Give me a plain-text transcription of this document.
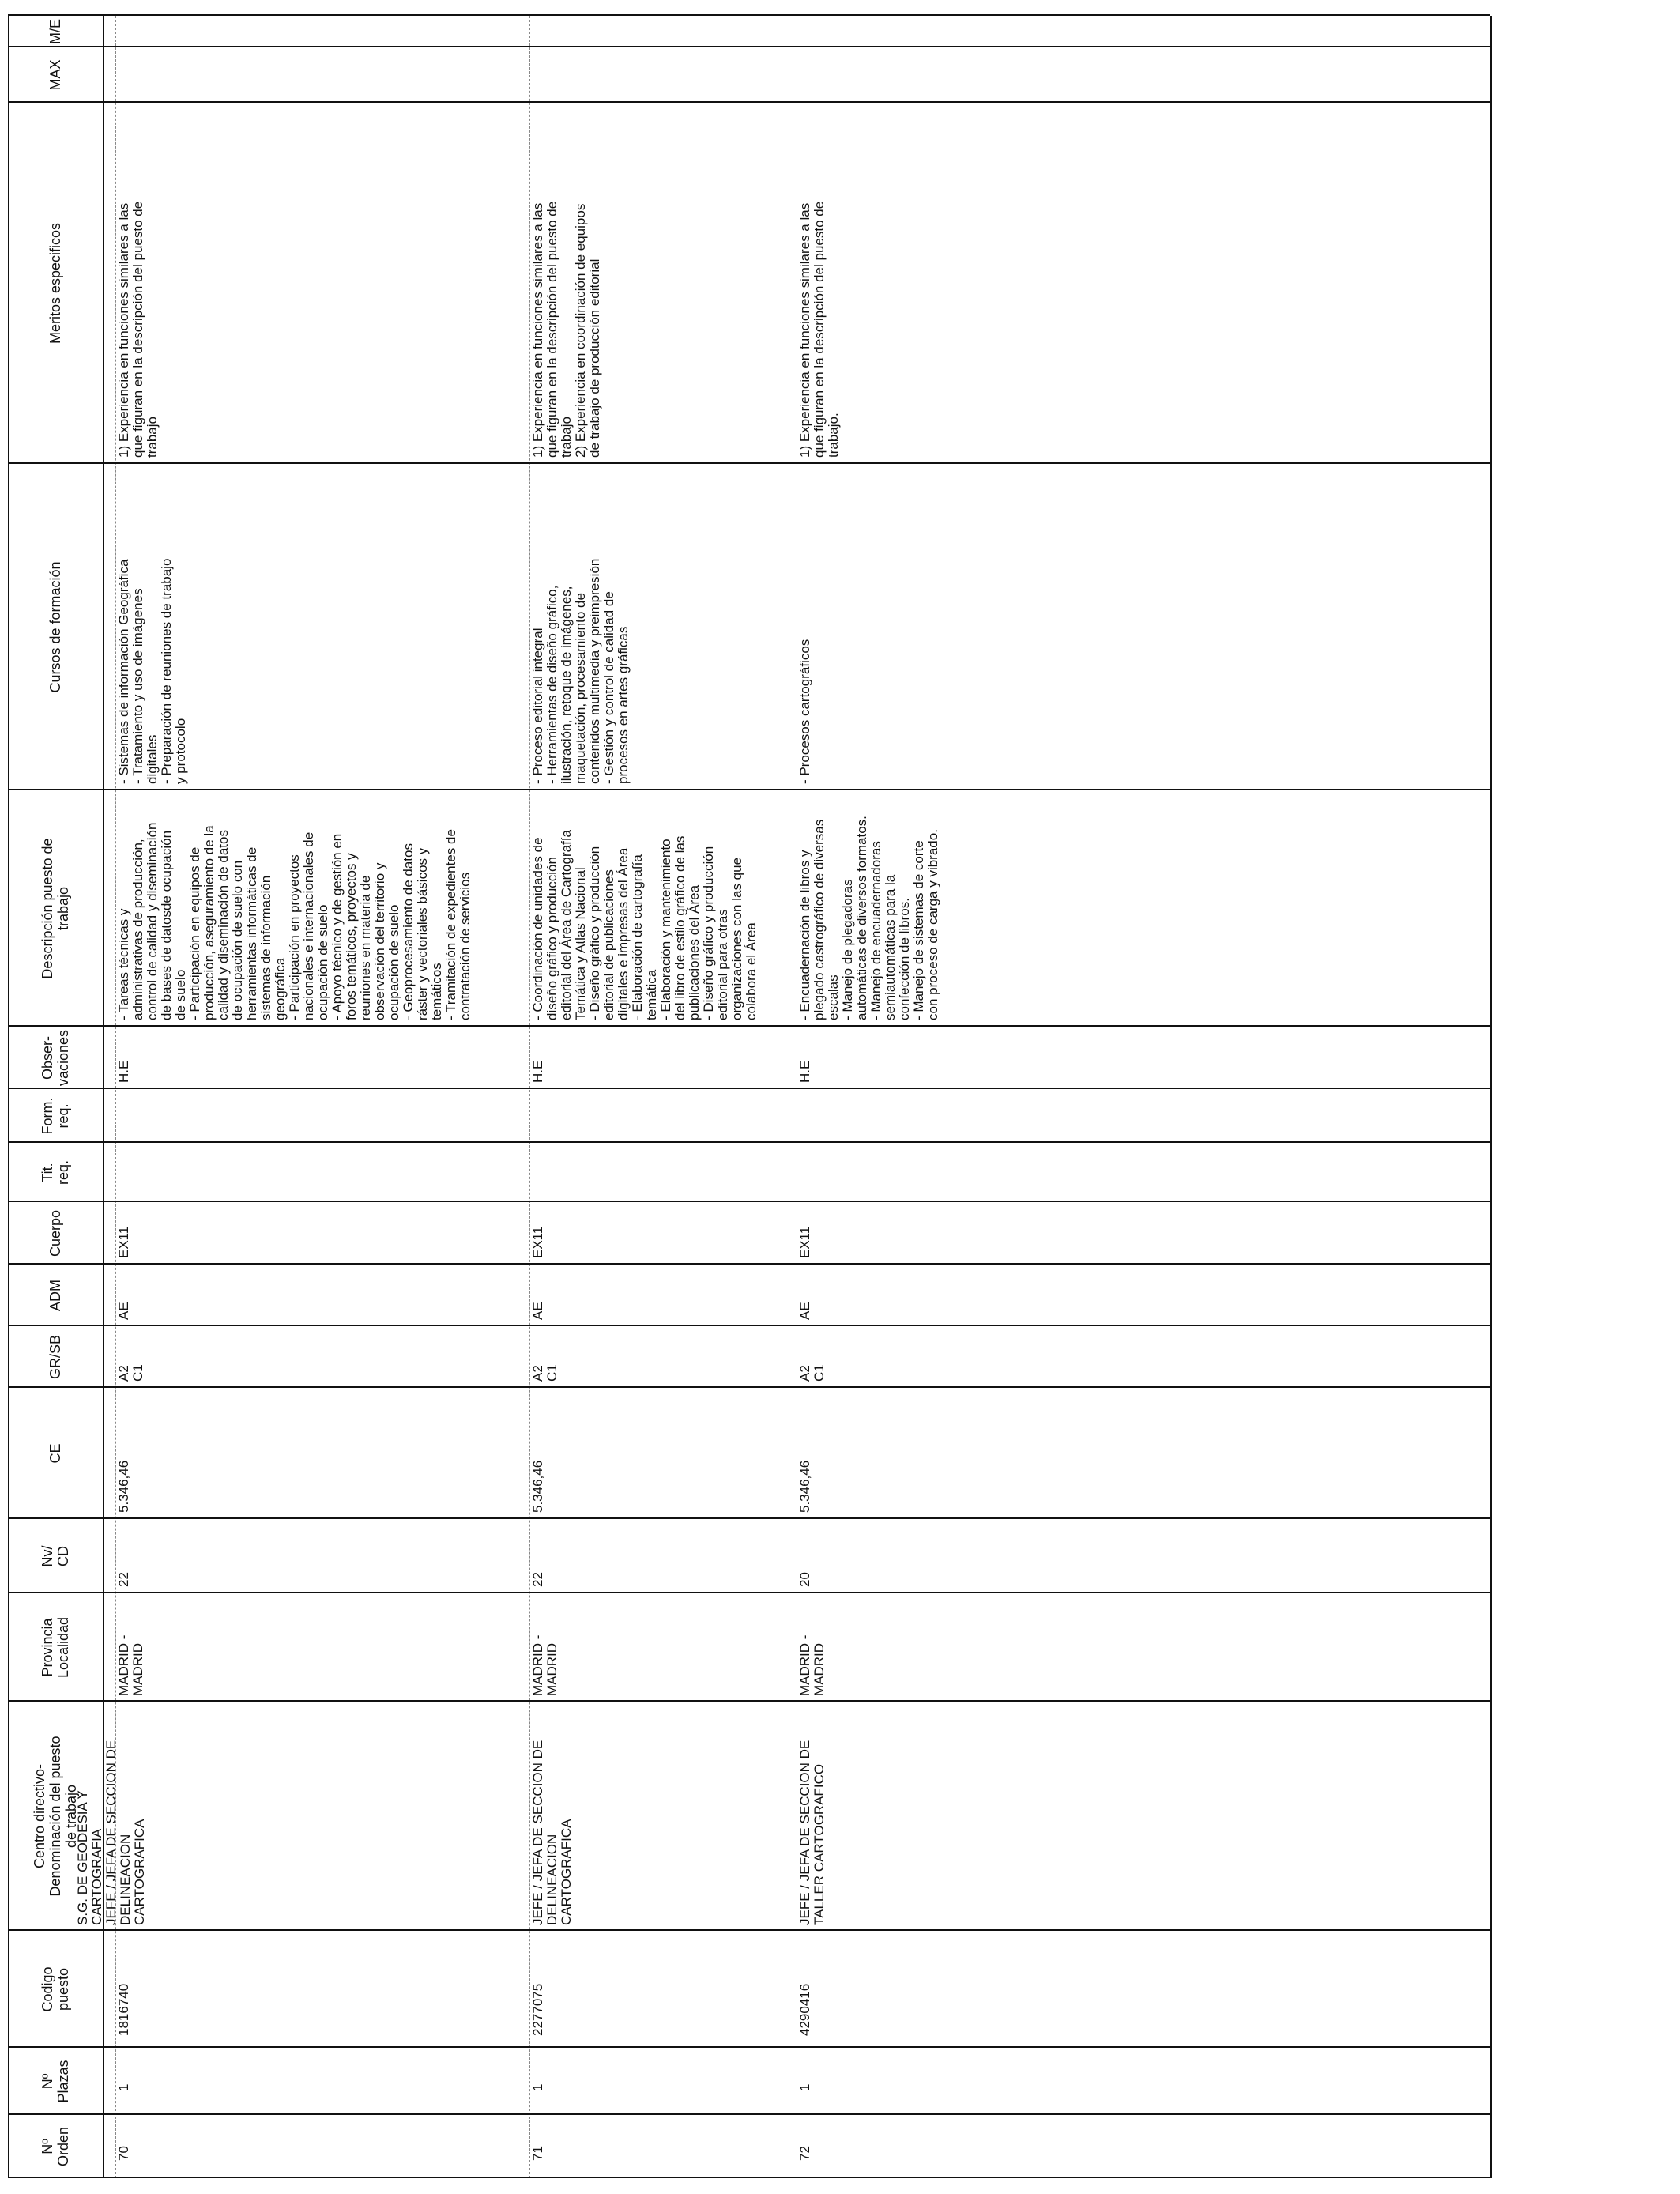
Nº
Orden
Nº
Plazas
Codigo
puesto
Centro directivo-
Denominación del puesto
de trabajo
Provincia
Localidad
Nv/
CD
CE
GR/SB
ADM
Cuerpo
Tit.
req.
Form.
req.
Obser-
vaciones
Descripción puesto de
trabajo
Cursos de formación
Meritos especificos
MAX
M/E
70
1
1816740
S.G. DE GEODESIA Y
CARTOGRAFIA JEFE / JEFA DE SECCION DE
DELINEACION
CARTOGRAFICA
MADRID -
MADRID
22
5.346,46
A2
C1
AE
EX11
H.E
- Tareas técnicas y
administrativas de producción,
control de calidad y diseminación
de bases de datosde ocupación
de suelo
- Participación en equipos de
producción, aseguramiento de la
calidad y diseminación de datos
de ocupación de suelo con
herramientas informáticas de
sistemas de información
geográfica
- Participación en proyectos
nacionales e internacionales de
ocupación de suelo
- Apoyo técnico y de gestión en
foros temáticos, proyectos y
reuniones en materia de
observación del territorio y
ocupación de suelo
- Geoprocesamiento de datos
ráster y vectoriales básicos y
temáticos
- Tramitación de expedientes de
contratación de servicios
- Sistemas de información Geográfica
- Tratamiento y uso de imágenes
digitales
- Preparación de reuniones de trabajo
y protocolo
1) Experiencia en funciones similares a las
que figuran en la descripción del puesto de
trabajo
71
1
2277075
JEFE / JEFA DE SECCION DE
DELINEACION
CARTOGRAFICA
MADRID -
MADRID
22
5.346,46
A2
C1
AE
EX11
H.E
- Coordinación de unidades de
diseño gráfico y producción
editorial del Área de Cartografía
Temática y Atlas Nacional
- Diseño gráfico y producción
editorial de publicaciones
digitales e impresas del Área
- Elaboración de cartografía
temática
- Elaboración y mantenimiento
del libro de estilo gráfico de las
publicaciones del Área
- Diseño gráfico y producción
editorial para otras
organizaciones con las que
colabora el Área
- Proceso editorial integral
- Herramientas de diseño gráfico,
ilustración, retoque de imágenes,
maquetación, procesamiento de
contenidos multimedia y preimpresión
- Gestión y control de calidad de
procesos en artes gráficas
1) Experiencia en funciones similares a las
que figuran en la descripción del puesto de
trabajo
2) Experiencia en coordinación de equipos
de trabajo de producción editorial
72
1
4290416
JEFE / JEFA DE SECCION DE
TALLER CARTOGRAFICO
MADRID -
MADRID
20
5.346,46
A2
C1
AE
EX11
H.E
- Encuadernación de libros y
plegado castrográfico de diversas
escalas
- Manejo de plegadoras
automáticas de diversos formatos.
- Manejo de encuadernadoras
semiautomáticas para la
confección de libros.
- Manejo de sistemas de corte
con proceso de carga y vibrado.
- Procesos cartográficos
1) Experiencia en funciones similares a las
que figuran en la descripción del puesto de
trabajo.
